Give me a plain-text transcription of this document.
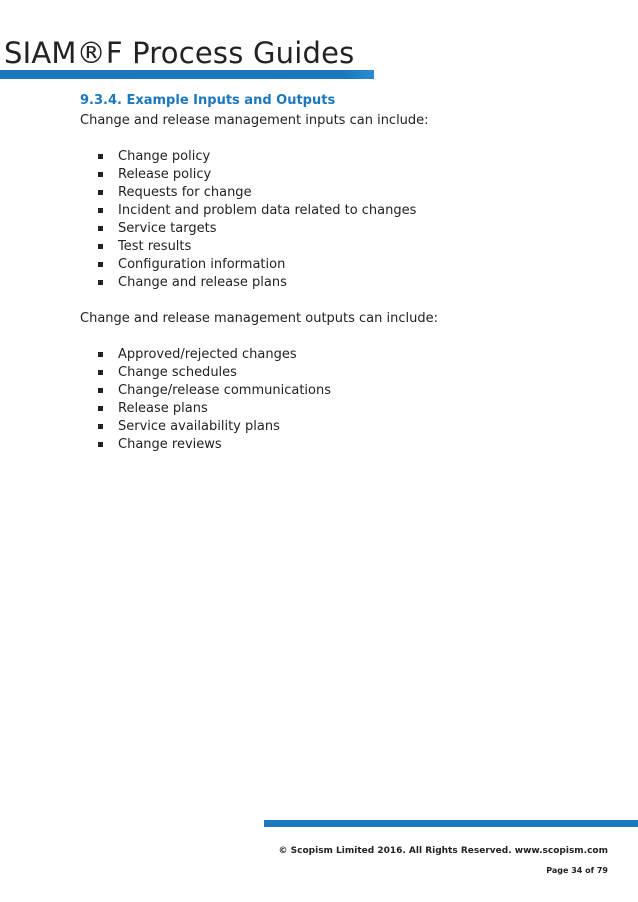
SIAM®F Process Guides
9.3.4. Example Inputs and Outputs

Change and release management inputs can include:

Change policy
Release policy
Requests for change
Incident and problem data related to changes
Service targets
Test results
Configuration information
Change and release plans

Change and release management outputs can include:

Approved/rejected changes
Change schedules
Change/release communications
Release plans
Service availability plans
Change reviews
© Scopism Limited 2016. All Rights Reserved. www.scopism.com
Page 34 of 79
